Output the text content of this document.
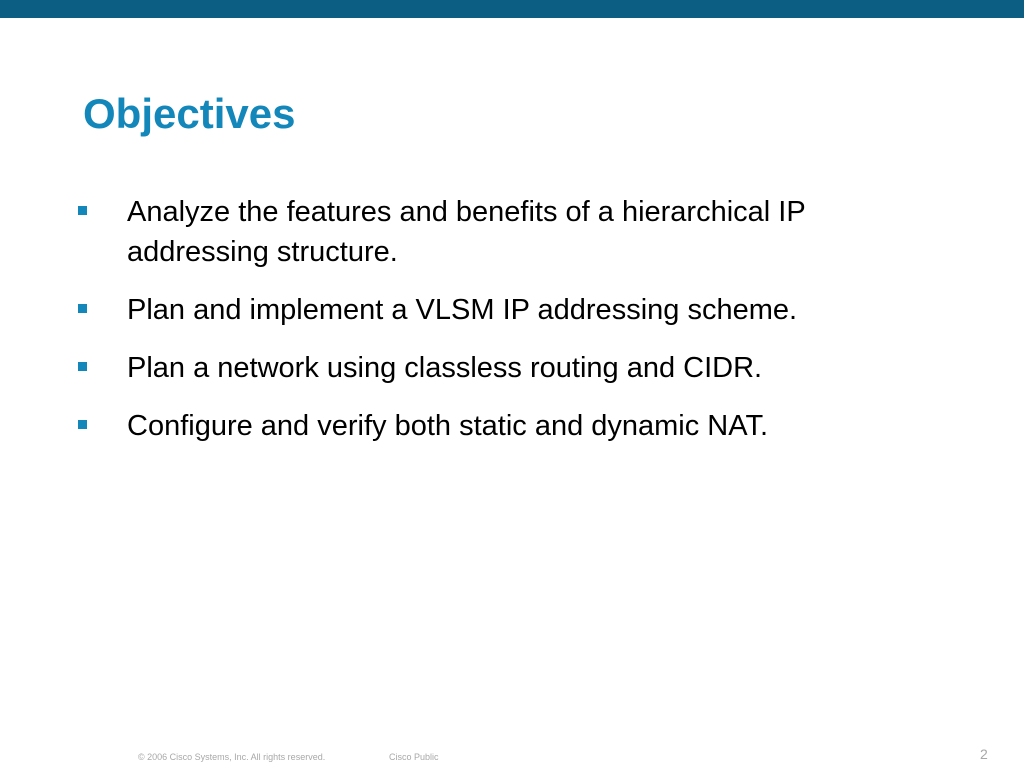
Objectives
Analyze the features and benefits of a hierarchical IP addressing structure.
Plan and implement a VLSM IP addressing scheme.
Plan a network using classless routing and CIDR.
Configure and verify both static and dynamic NAT.
© 2006 Cisco Systems, Inc. All rights reserved.	Cisco Public	2
